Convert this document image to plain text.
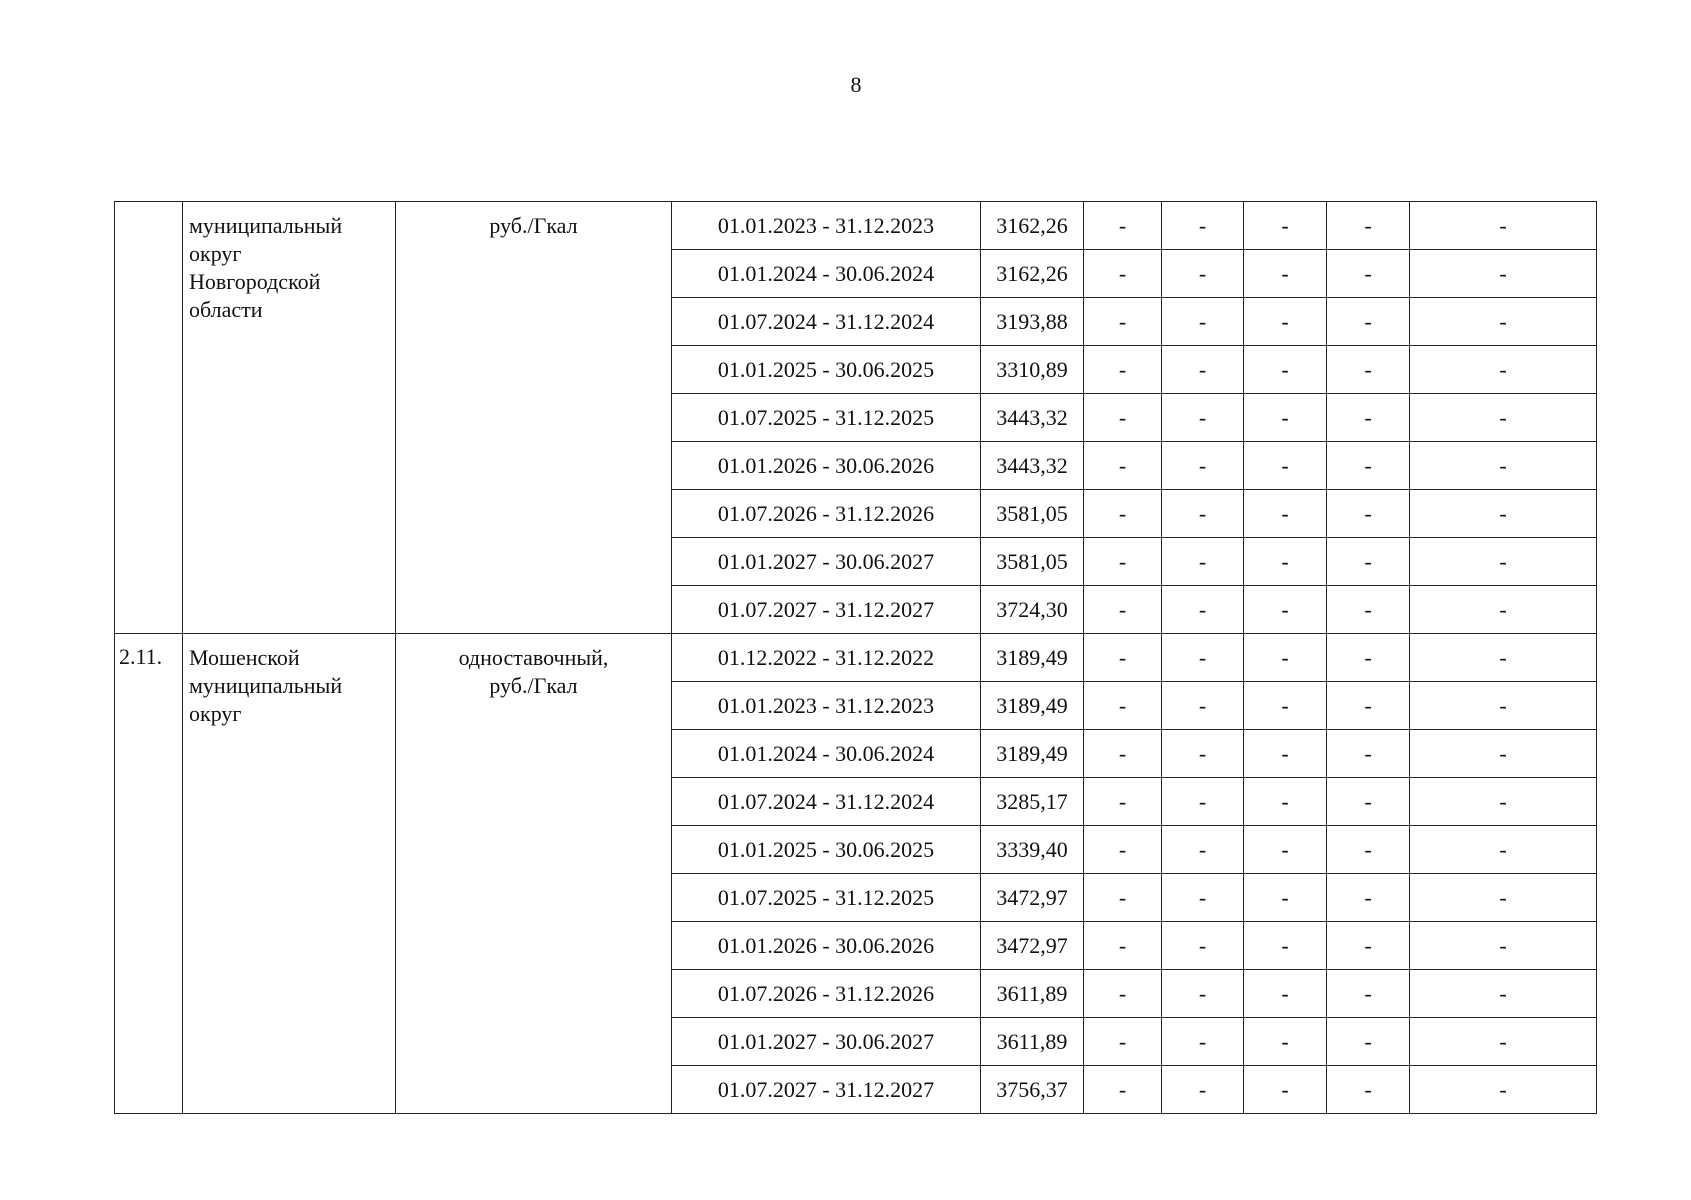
8
	муниципальный
округ
Новгородской
области	руб./Гкал	01.01.2023 - 31.12.2023	3162,26	-	-	-	-	-
			01.01.2024 - 30.06.2024	3162,26	-	-	-	-	-
			01.07.2024 - 31.12.2024	3193,88	-	-	-	-	-
			01.01.2025 - 30.06.2025	3310,89	-	-	-	-	-
			01.07.2025 - 31.12.2025	3443,32	-	-	-	-	-
			01.01.2026 - 30.06.2026	3443,32	-	-	-	-	-
			01.07.2026 - 31.12.2026	3581,05	-	-	-	-	-
			01.01.2027 - 30.06.2027	3581,05	-	-	-	-	-
			01.07.2027 - 31.12.2027	3724,30	-	-	-	-	-
2.11.	Мошенской
муниципальный
округ	одноставочный,
руб./Гкал	01.12.2022 - 31.12.2022	3189,49	-	-	-	-	-
			01.01.2023 - 31.12.2023	3189,49	-	-	-	-	-
			01.01.2024 - 30.06.2024	3189,49	-	-	-	-	-
			01.07.2024 - 31.12.2024	3285,17	-	-	-	-	-
			01.01.2025 - 30.06.2025	3339,40	-	-	-	-	-
			01.07.2025 - 31.12.2025	3472,97	-	-	-	-	-
			01.01.2026 - 30.06.2026	3472,97	-	-	-	-	-
			01.07.2026 - 31.12.2026	3611,89	-	-	-	-	-
			01.01.2027 - 30.06.2027	3611,89	-	-	-	-	-
			01.07.2027 - 31.12.2027	3756,37	-	-	-	-	-
